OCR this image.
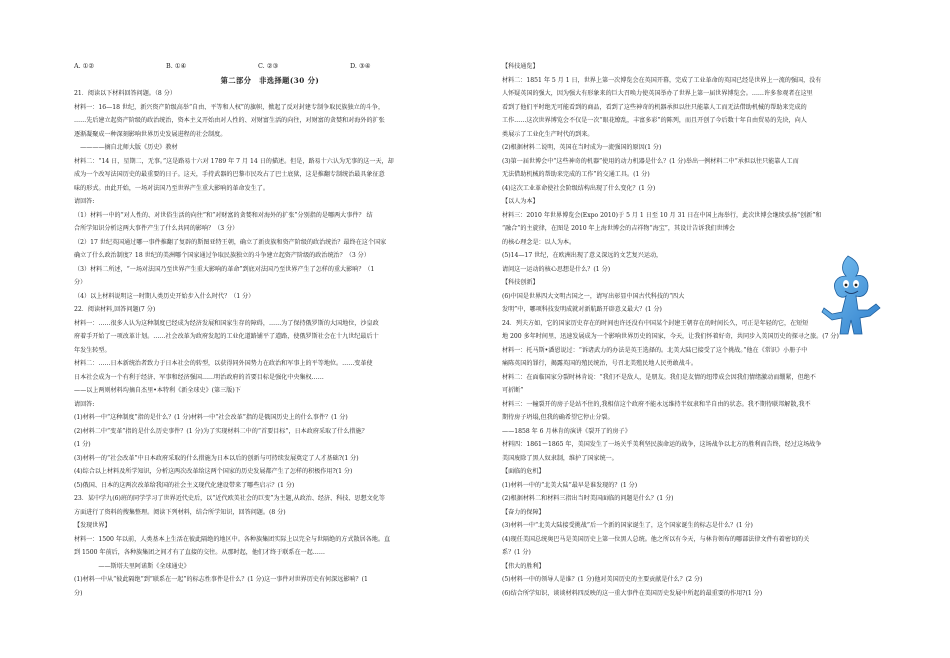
A. ①②	B. ①④	C. ②③	D. ③④

第二部分　非选择题(30 分)

21．阅读以下材料回答问题。（8 分）

材料一：16—18 世纪，新兴资产阶级高举“自由、平等和人权”的旗帜，掀起了反对封建专制争取民族独立的斗争，

……先后建立起资产阶级的政治统治，资本主义开始由对人性的、对财富生活的向往，对财富的贪婪和对海外的扩张

逐渐凝聚成一种深刻影响世界历史发展进程的社会制度。

　————摘自北师大版《历史》教材

材料二：“14 日，星期二，无事。”这是路易十六对 1789 年 7 月 14 日的描述。但是，路易十六认为无事的这一天，却

成为一个改写法国历史的最重要的日子。这天，手持武器的巴黎市民攻占了巴士底狱，这是推翻专制统治最具象征意

味的形式。由此开始，一场对法国乃至世界产生重大影响的革命发生了。

请回答:

（1）材料一中的“对人性的、对世俗生活的向往”和“对财富的贪婪和对海外的扩张”分别指的是哪两大事件？ 结

合所学知识分析这两大事件产生了什么共同的影响？（3 分）

（2）17 世纪英国通过哪一事件推翻了复辟的斯图亚特王朝，确立了新贵族和资产阶级的政治统治？最终在这个国家

确立了什么政治制度？18 世纪的美洲哪个国家通过争取民族独立的斗争建立起资产阶级的政治统治？（3 分）

（3）材料二所述，“一场对法国乃至世界产生重大影响的革命”到底对法国乃至世界产生了怎样的重大影响？（1

分）

（4）以上材料说明这一时期人类历史开始步入什么时代？（1 分）

22．阅读材料,回答问题(7 分)

材料一：……很多人认为这种制度已经成为经济发展和国家生存的障碍，……为了保持俄罗斯的大国地位，沙皇政

府着手开始了一项改革计划。……社会改革为政府发起的工业化道路铺平了道路，使俄罗斯社会在十九世纪最后十

年发生转型。

材料二：……日本新统治者致力于日本社会的转型，以获得同外国势力在政治和军事上的平等地位。……变革使

日本社会成为一个有利于经济、军事和经济强国……明治政府的首要目标是强化中央集权……

——以上两则材料均摘自杰里•本特利《新全球史》(第三版)下

请回答:

(1)材料一中“这种制度”指的是什么？(1 分)材料一中“社会改革”指的是俄国历史上的什么事件？(1 分)

(2)材料二中“变革”指的是什么历史事件？(1 分)为了实现材料二中的“首要目标”，日本政府采取了什么措施？

(1 分)

(3)材料一的“社会改革”中日本政府采取的什么措施为日本以后的创新与可持续发展奠定了人才基础?(1 分)

(4)综合以上材料及所学知识，分析这两次改革给这两个国家的历史发展都产生了怎样的积极作用?(1 分)

(5)俄国、日本的这两次改革给我国的社会主义现代化建设带来了哪些启示？(1 分)

23．某中学九(6)班的同学学习了世界近代史后，以“近代欧美社会的巨变”为主题,从政治、经济、科技、思想文化等

方面进行了资料的搜集整理。阅读下列材料，结合所学知识，回答问题。(8 分)

【发现世界】

材料一：1500 年以前，人类基本上生活在彼此隔绝的地区中。各种族集团实际上以完全与世隔绝的方式散居各地。直

到 1500 年前后，各种族集团之间才有了直接的交往。从那时起，他们才终于联系在一起……

　　　　——斯塔夫里阿诺斯《全球通史》

(1)材料一中从“彼此隔绝”到“联系在一起”的标志性事件是什么？(1 分)这一事件对世界历史有何深远影响？(1

分)

【科技通览】

材料二：1851 年 5 月 1 日，世界上第一次博览会在英国开幕，完成了工业革命的英国已经是世界上一流的强国，没有

人怀疑英国的强大，因为强大有形象来的巨大召唤力使英国举办了世界上第一届世界博览会。……许多参观者在这里

看到了他们平时绝无可能看到的商品，看到了这些神奇的机器承担以往只能靠人工而无法借助机械的帮助来完成的

工作……这次世界博览会不仅是一次“眼花缭乱，丰富多彩”的陈列，而且开创了今后数十年自由贸易的先块，向人

类展示了工业化生产时代的到来。

(2)根据材料二说明，英国在当时成为一流强国的原因(1 分)

(3)第一届世博会中“这些神奇的机器”使用的动力机器是什么？(1 分)举出一例材料二中“承担以往只能靠人工而

无法借助机械的帮助来完成的工作”的交通工具。(1 分)

(4)这次工业革命使社会阶级结构出现了什么变化？(1 分)

【以人为本】

材料三：2010 年世界博览会(Expo 2010)于 5 月 1 日至 10 月 31 日在中国上海举行，此次世博会继续弘扬“创新”和

“融合”的主旋律，在图是 2010 年上海世博会的吉祥物“海宝”，其设计告诉我们世博会

的核心理念是：以人为本。

(5)14—17 世纪，在欧洲出现了意义深远的文艺复兴运动，

请问这一运动的核心思想是什么？(1 分)

【科技创新】

(6)中国是世界四大文明古国之一，请写出彰显中国古代科技的“四大

发明”中，哪项科技发明成就对新航路开辟意义最大？(1 分)

24．列夫方如，它的国家历史存在的时间也许还没有中国某个封建王朝存在的时间长久，可正是年轻的它，在短短

地 200 多年时间里，迅速发展成为一个影响世界历史的国家，今天，让我们怀着好奇，共同步入美国历史的探寻之旅。(7 分)

材料一：托马斯•潘恩说过：“诉诸武力的办法是英王选择的。北美大陆已接受了这个挑战。”他在《常识》小册子中

痛陈英国的罪行，揭露英国的殖民统治，号召北美殖民地人民勇敢战斗。

材料二：在面临国家分裂时林肯说：“我们不是敌人，是朋友。我们是友情的纽带成会因我们情绪激动而绷紧，但绝不

可折断”

材料三：一幢裂开的房子是站不住的,我相信这个政府不能永远维持半奴隶和半自由的状态。我不期待联邦解散,我不

期待房子坍塌,但我的确希望它停止分裂。

——1858 年 6 月林肯的演讲《裂开了的房子》

材料四：1861～1865 年，美国发生了一场关乎美利坚民族命运的战争，这场战争以北方的胜利而告终，经过这场战争

美国废除了黑人奴隶制，维护了国家统一。

【面临的危机】

(1)材料一中的“北美大陆”最早是谁发现的？(1 分)

(2)根据材料二和材料三指出当时美国面临的问题是什么？(1 分)

【奋力的保障】

(3)材料一中“北美大陆接受挑战”后一个新的国家诞生了，这个国家诞生的标志是什么？(1 分)

(4)现任美国总统奥巴马是美国历史上第一位黑人总统。他之所以有今天，与林肯领布的哪部法律文件有着密切的关

系？(1 分)

【伟大的胜利】

(5)材料一中的领导人是谁？(1 分)他对美国历史的主要贡献是什么？(2 分)

(6)结合所学知识，谈谈材料四反映的这一重大事件在美国历史发展中所起的最重要的作用?(1 分)
